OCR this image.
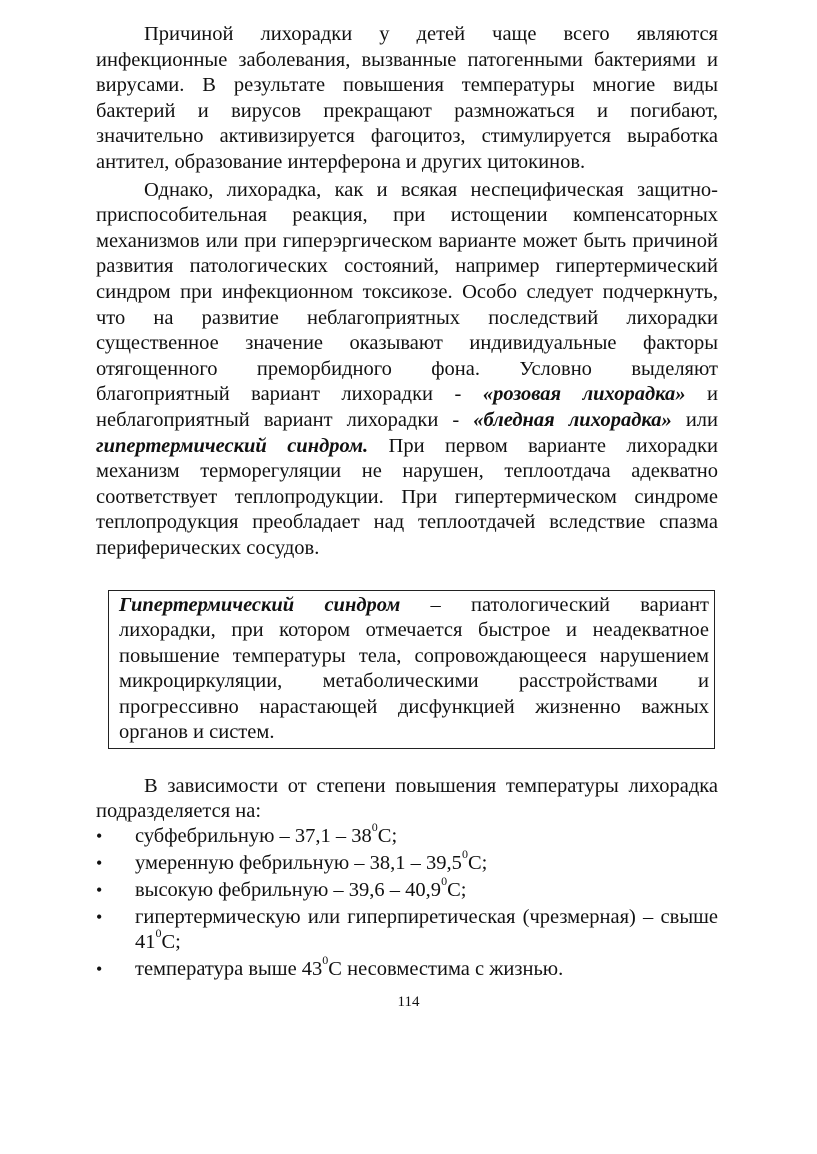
Причиной лихорадки у детей чаще всего являются инфекционные заболевания, вызванные патогенными бактериями и вирусами. В результате повышения температуры многие виды бактерий и вирусов прекращают размножаться и погибают, значительно активизируется фагоцитоз, стимулируется выработка антител, образование интерферона и других цитокинов.

Однако, лихорадка, как и всякая неспецифическая защитно-приспособительная реакция, при истощении компенсаторных механизмов или при гиперэргическом варианте может быть причиной развития патологических состояний, например гипертермический синдром при инфекционном токсикозе. Особо следует подчеркнуть, что на развитие неблагоприятных последствий лихорадки существенное значение оказывают индивидуальные факторы отягощенного преморбидного фона. Условно выделяют благоприятный вариант лихорадки - «розовая лихорадка» и неблагоприятный вариант лихорадки - «бледная лихорадка» или гипертермический синдром. При первом варианте лихорадки механизм терморегуляции не нарушен, теплоотдача адекватно соответствует теплопродукции. При гипертермическом синдроме теплопродукция преобладает над теплоотдачей вследствие спазма периферических сосудов.

Гипертермический синдром – патологический вариант лихорадки, при котором отмечается быстрое и неадекватное повышение температуры тела, сопровождающееся нарушением микроциркуляции, метаболическими расстройствами и прогрессивно нарастающей дисфункцией жизненно важных органов и систем.

В зависимости от степени повышения температуры лихорадка подразделяется на:

• субфебрильную – $37,1 - 38^0С$;
• умеренную фебрильную – 38,1 – 39,5$^0$С;
• высокую фебрильную – 39,6 – 40,9$^0$С;
• гипертермическую или гиперпиретическая (чрезмерная) – свыше $41^0С$;
• температура выше $43^0С$ несовместима с жизнью.
114
